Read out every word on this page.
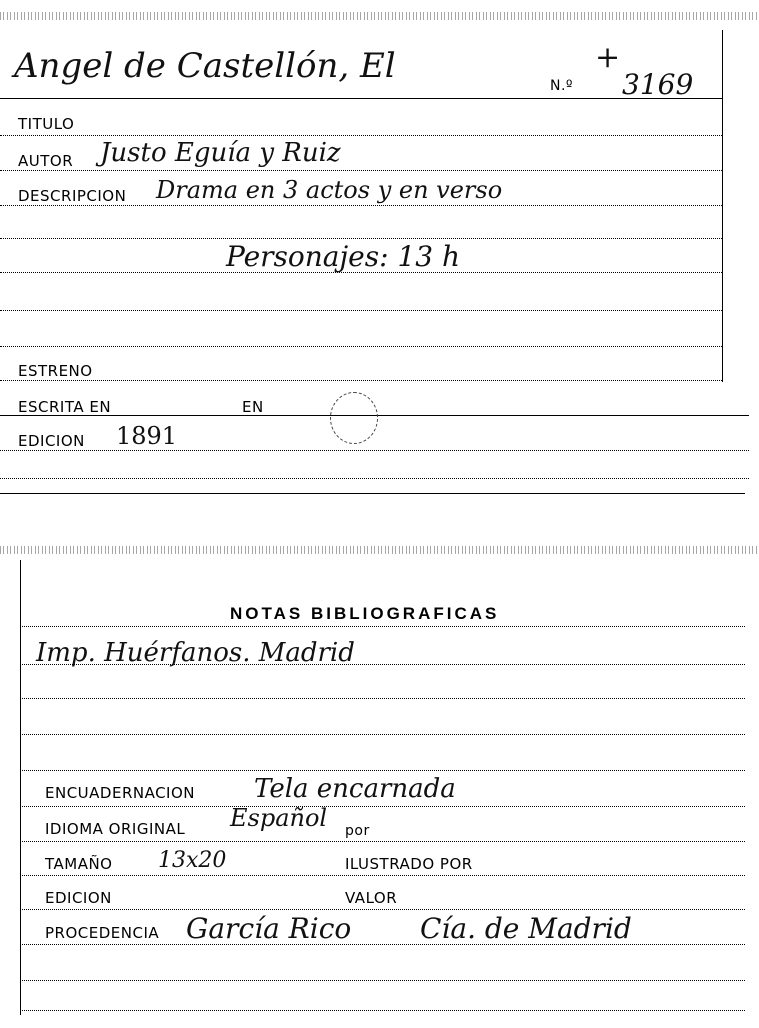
Angel de Castellón, El	N.º
+
3169
TITULO
AUTOR Justo Eguía y Ruiz
DESCRIPCION Drama en 3 actos y en verso
Personajes: 13 h
ESTRENO
ESCRITA EN	EN
EDICION 1891
NOTAS BIBLIOGRAFICAS
Imp. Huérfanos. Madrid
ENCUADERNACION Tela encarnada
IDIOMA ORIGINAL Español por
TAMAÑO 13x20	ILUSTRADO POR
EDICION	VALOR
PROCEDENCIA García Rico Cía. de Madrid
